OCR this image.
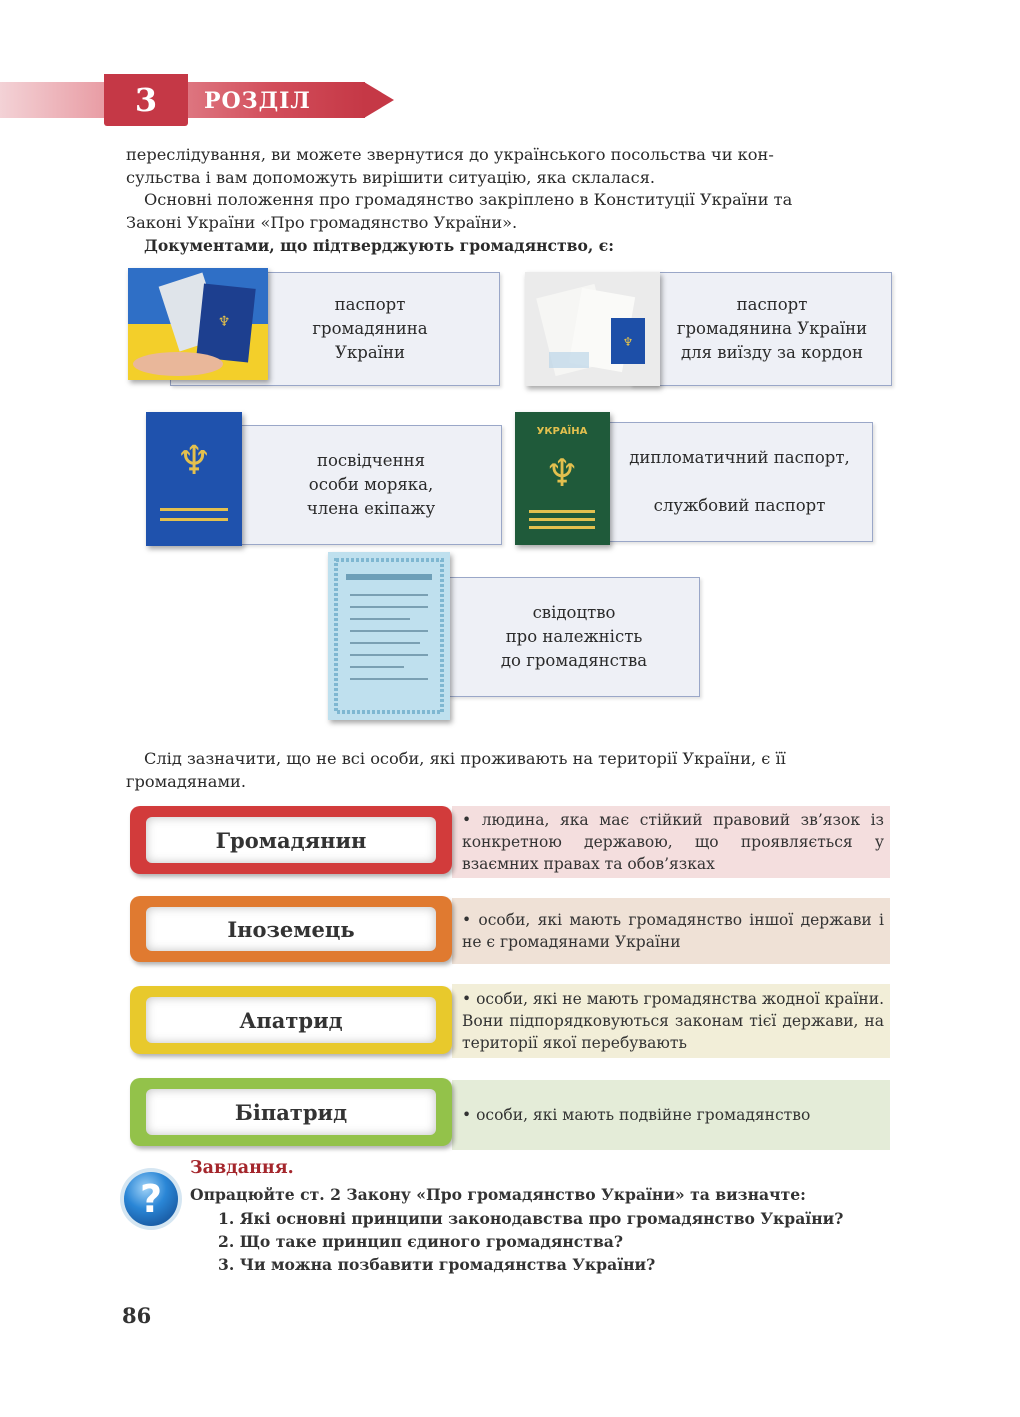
3	РОЗДІЛ

переслідування, ви можете звернутися до українського посольства чи кон-
сульства і вам допоможуть вирішити ситуацію, яка склалася.

Основні положення про громадянство закріплено в Конституції України та
Законі України «Про громадянство України».

Документами, що підтверджують громадянство, є:

паспорт
громадянина
України
♆
паспорт
громадянина України
для виїзду за кордон
♆
посвідчення
особи моряка,
члена екіпажу
♆	дипломатичний паспорт,
службовий паспорт
УКРАЇНА
♆
свідоцтво
про належність
до громадянства

Слід зазначити, що не всі особи, які проживають на території України, є її
громадянами.

• людина, яка має стійкий правовий зв’язок із конкретною державою, що проявляється у взаємних правах та обов’язках
Громадянин
• особи, які мають громадянство іншої держави і не є громадянами України
Іноземець
• особи, які не мають громадянства жодної країни. Вони підпорядковуються законам тієї держави, на території якої перебувають
Апатрид
• особи, які мають подвійне громадянство
Біпатрид
?
Завдання.
Опрацюйте ст. 2 Закону «Про громадянство України» та визначте:
1. Які основні принципи законодавства про громадянство України?
2. Що таке принцип єдиного громадянства?
3. Чи можна позбавити громадянства України?
86
